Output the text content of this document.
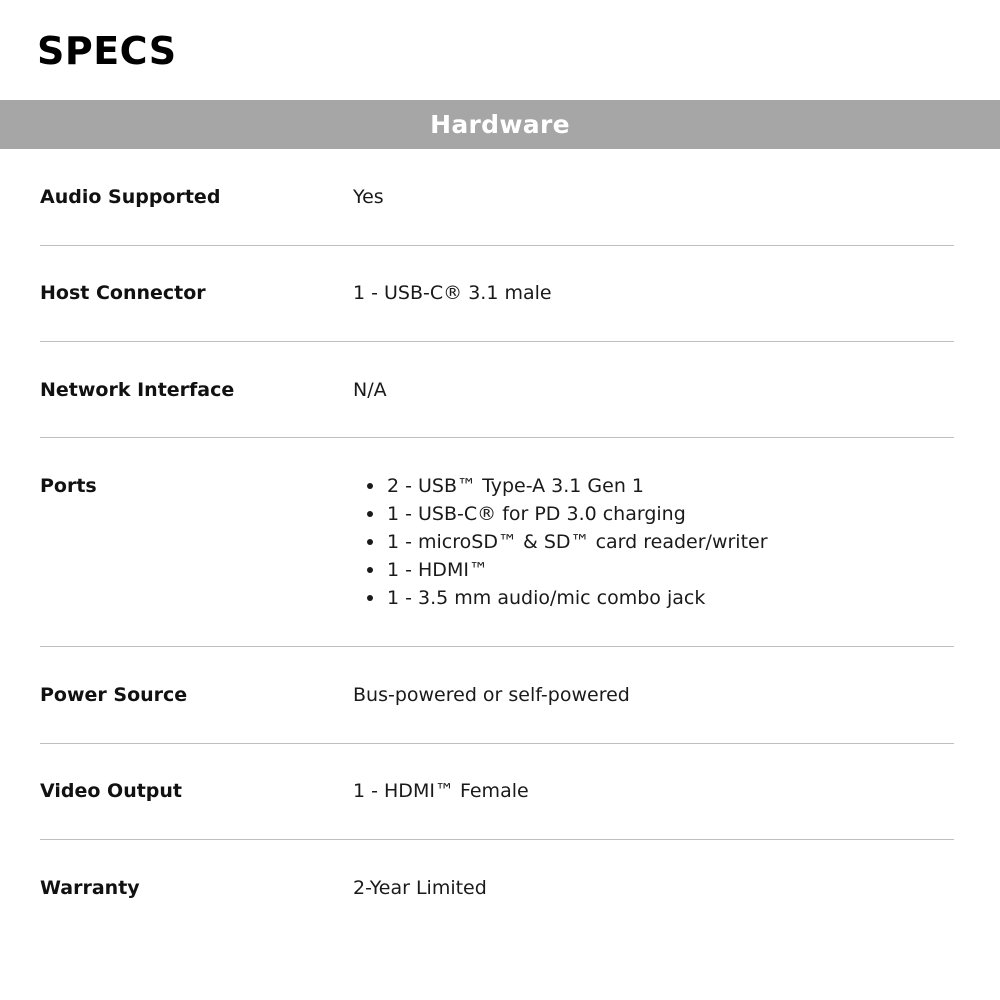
SPECS
Hardware
Audio Supported	Yes
Host Connector	1 - USB-C® 3.1 male
Network Interface	N/A
Ports	2 - USB™ Type-A 3.1 Gen 1
1 - USB-C® for PD 3.0 charging
1 - microSD™ & SD™ card reader/writer
1 - HDMI™
1 - 3.5 mm audio/mic combo jack
Power Source	Bus-powered or self-powered
Video Output	1 - HDMI™ Female
Warranty	2-Year Limited
